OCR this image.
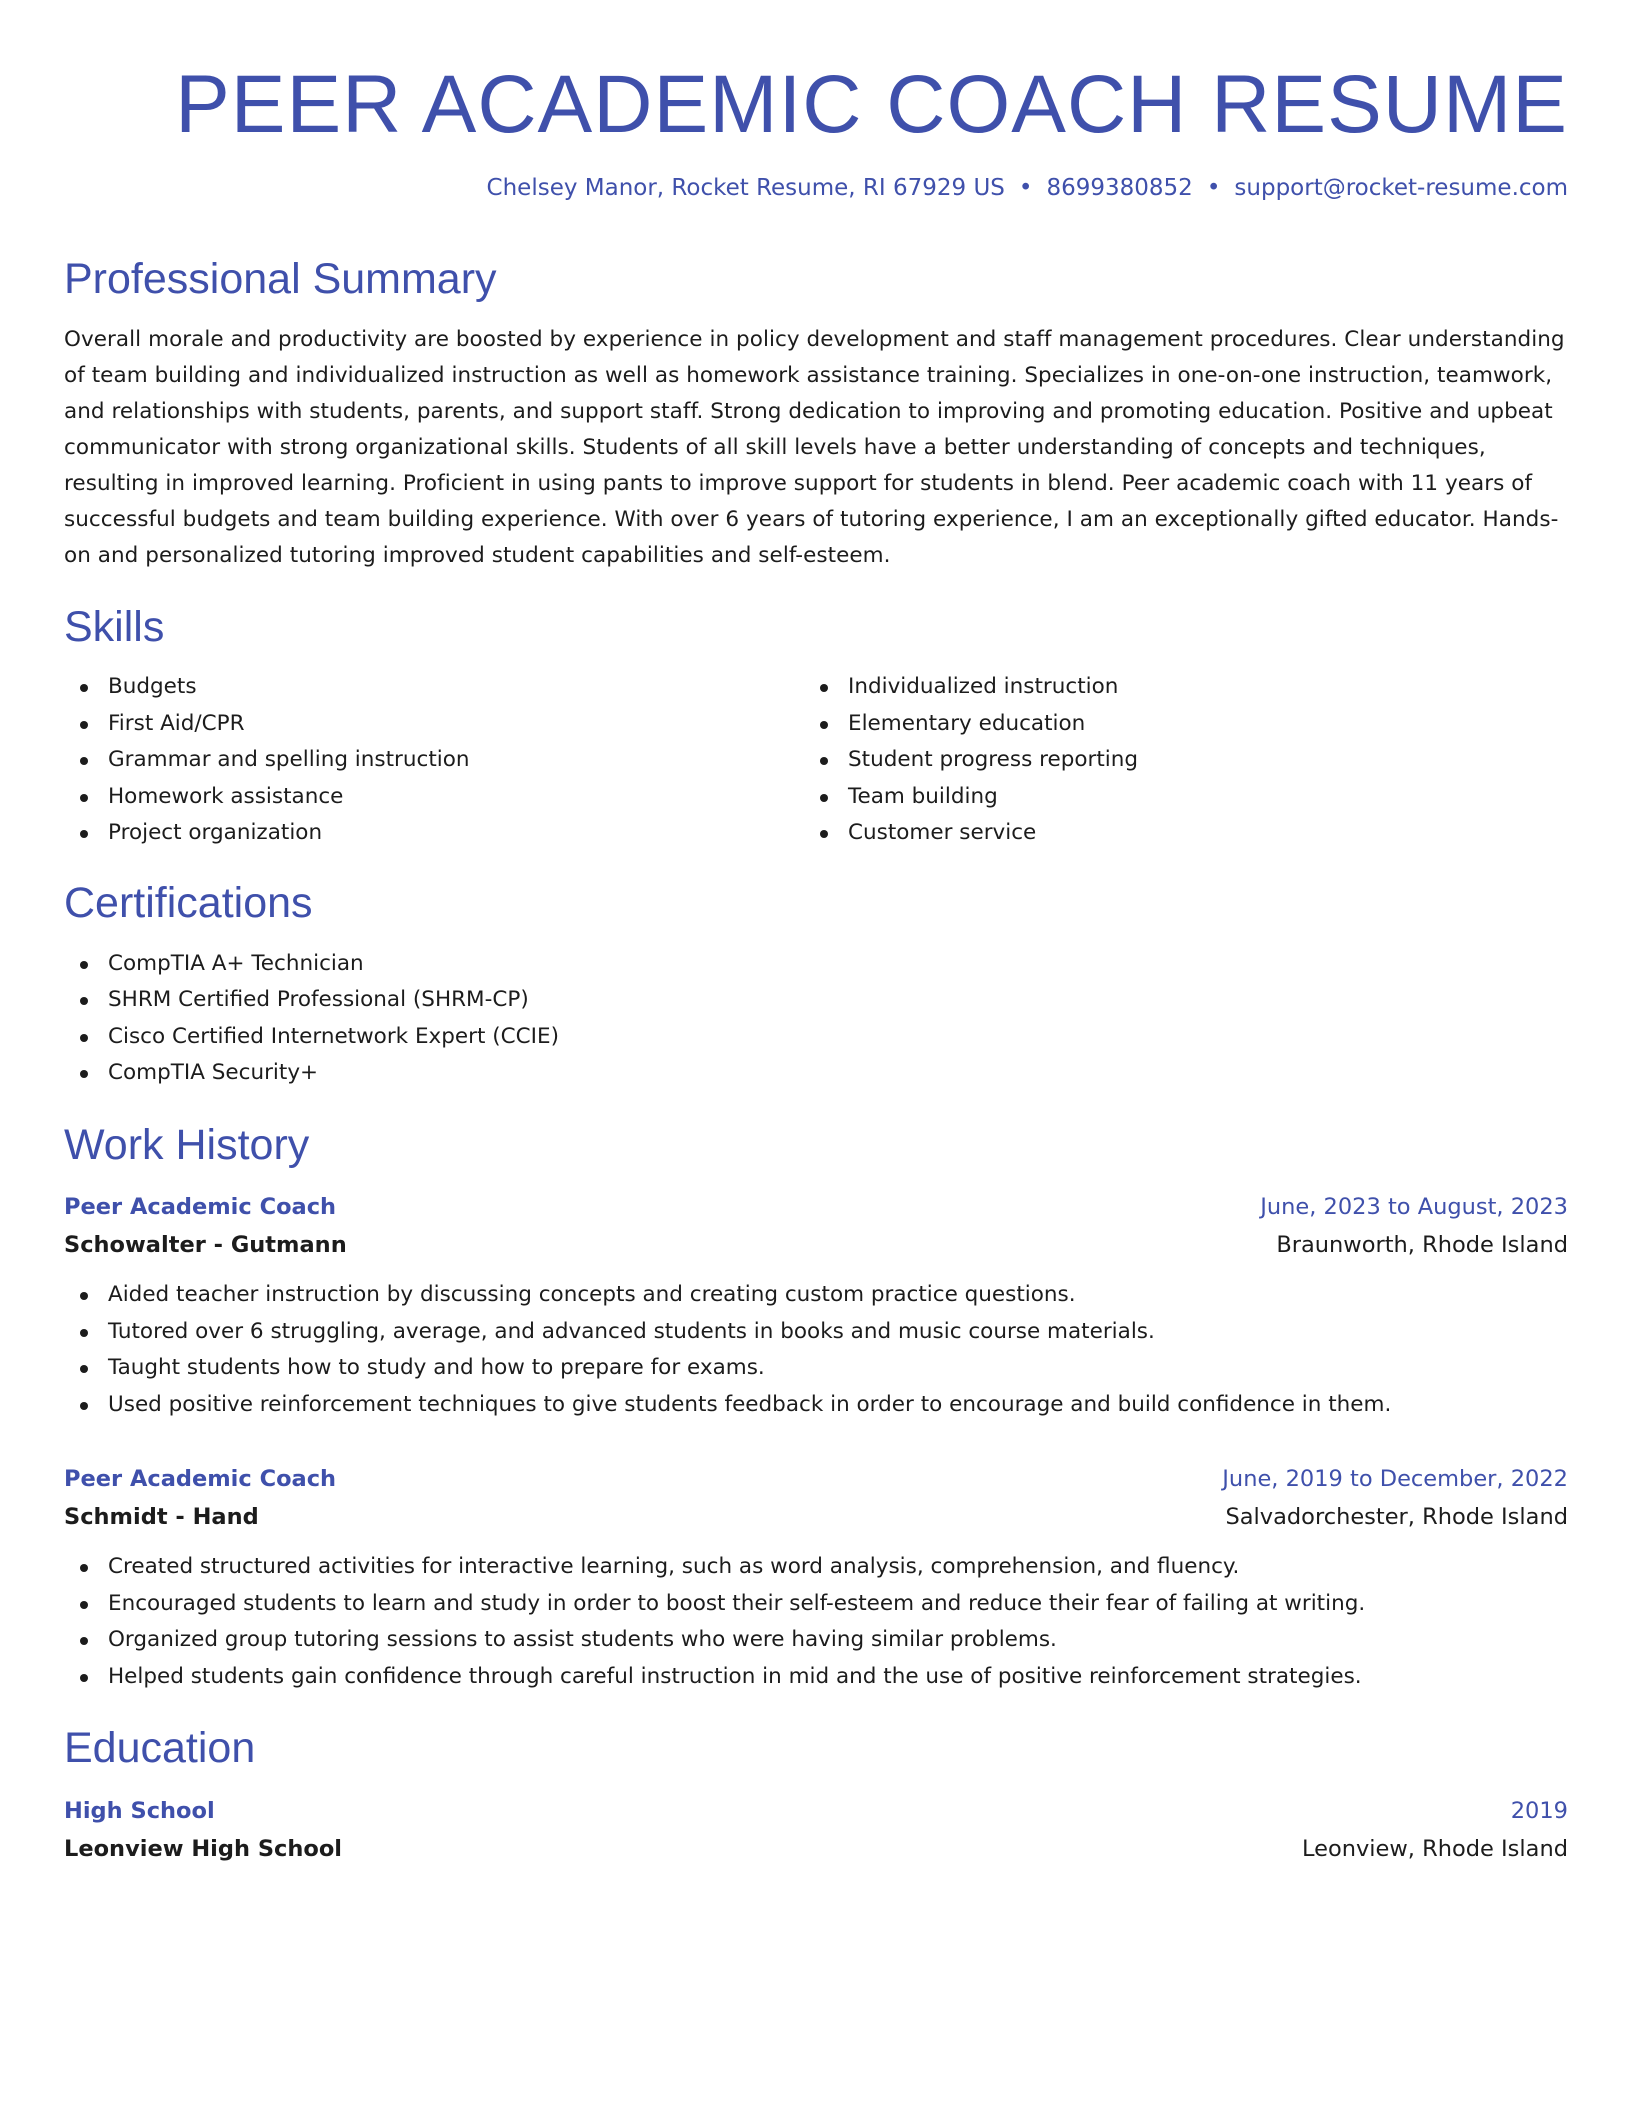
PEER ACADEMIC COACH RESUME
Chelsey Manor, Rocket Resume, RI 67929 US • 8699380852 • support@rocket-resume.com
Professional Summary

Overall morale and productivity are boosted by experience in policy development and staff management procedures. Clear understanding of team building and individualized instruction as well as homework assistance training. Specializes in one-on-one instruction, teamwork, and relationships with students, parents, and support staff. Strong dedication to improving and promoting education. Positive and upbeat communicator with strong organizational skills. Students of all skill levels have a better understanding of concepts and techniques, resulting in improved learning. Proficient in using pants to improve support for students in blend. Peer academic coach with 11 years of successful budgets and team building experience. With over 6 years of tutoring experience, I am an exceptionally gifted educator. Hands-on and personalized tutoring improved student capabilities and self-esteem.

Skills
Budgets
First Aid/CPR
Grammar and spelling instruction
Homework assistance
Project organization
Individualized instruction
Elementary education
Student progress reporting
Team building
Customer service
Certifications
CompTIA A+ Technician
SHRM Certified Professional (SHRM-CP)
Cisco Certified Internetwork Expert (CCIE)
CompTIA Security+
Work History
Peer Academic Coach	June, 2023 to August, 2023
Schowalter - Gutmann	Braunworth, Rhode Island
Aided teacher instruction by discussing concepts and creating custom practice questions.
Tutored over 6 struggling, average, and advanced students in books and music course materials.
Taught students how to study and how to prepare for exams.
Used positive reinforcement techniques to give students feedback in order to encourage and build confidence in them.
Peer Academic Coach	June, 2019 to December, 2022
Schmidt - Hand	Salvadorchester, Rhode Island
Created structured activities for interactive learning, such as word analysis, comprehension, and fluency.
Encouraged students to learn and study in order to boost their self-esteem and reduce their fear of failing at writing.
Organized group tutoring sessions to assist students who were having similar problems.
Helped students gain confidence through careful instruction in mid and the use of positive reinforcement strategies.
Education
High School	2019
Leonview High School	Leonview, Rhode Island
